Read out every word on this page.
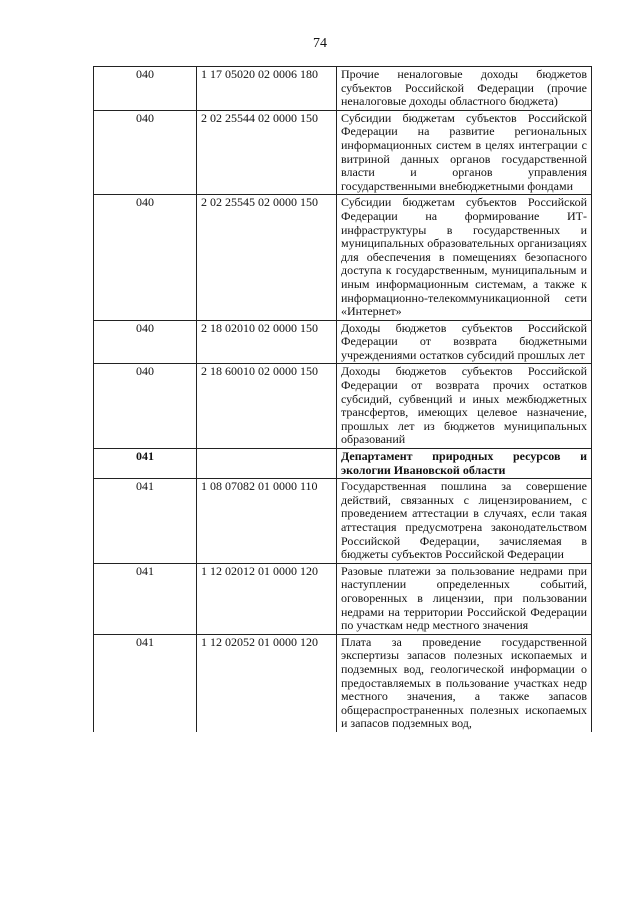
74
040	1 17 05020 02 0006 180	Прочие неналоговые доходы бюджетов субъектов Российской Федерации (прочие неналоговые доходы областного бюджета)
040	2 02 25544 02 0000 150	Субсидии бюджетам субъектов Российской Федерации на развитие региональных информационных систем в целях интеграции с витриной данных органов государственной власти и органов управления государственными внебюджетными фондами
040	2 02 25545 02 0000 150	Субсидии бюджетам субъектов Российской Федерации на формирование ИТ-инфраструктуры в государственных и муниципальных образовательных организациях для обеспечения в помещениях безопасного доступа к государственным, муниципальным и иным информационным системам, а также к информационно-телекоммуникационной сети «Интернет»
040	2 18 02010 02 0000 150	Доходы бюджетов субъектов Российской Федерации от возврата бюджетными учреждениями остатков субсидий прошлых лет
040	2 18 60010 02 0000 150	Доходы бюджетов субъектов Российской Федерации от возврата прочих остатков субсидий, субвенций и иных межбюджетных трансфертов, имеющих целевое назначение, прошлых лет из бюджетов муниципальных образований
041		Департамент природных ресурсов и экологии Ивановской области
041	1 08 07082 01 0000 110	Государственная пошлина за совершение действий, связанных с лицензированием, с проведением аттестации в случаях, если такая аттестация предусмотрена законодательством Российской Федерации, зачисляемая в бюджеты субъектов Российской Федерации
041	1 12 02012 01 0000 120	Разовые платежи за пользование недрами при наступлении определенных событий, оговоренных в лицензии, при пользовании недрами на территории Российской Федерации по участкам недр местного значения
041	1 12 02052 01 0000 120	Плата за проведение государственной экспертизы запасов полезных ископаемых и подземных вод, геологической информации о предоставляемых в пользование участках недр местного значения, а также запасов общераспространенных полезных ископаемых и запасов подземных вод,
